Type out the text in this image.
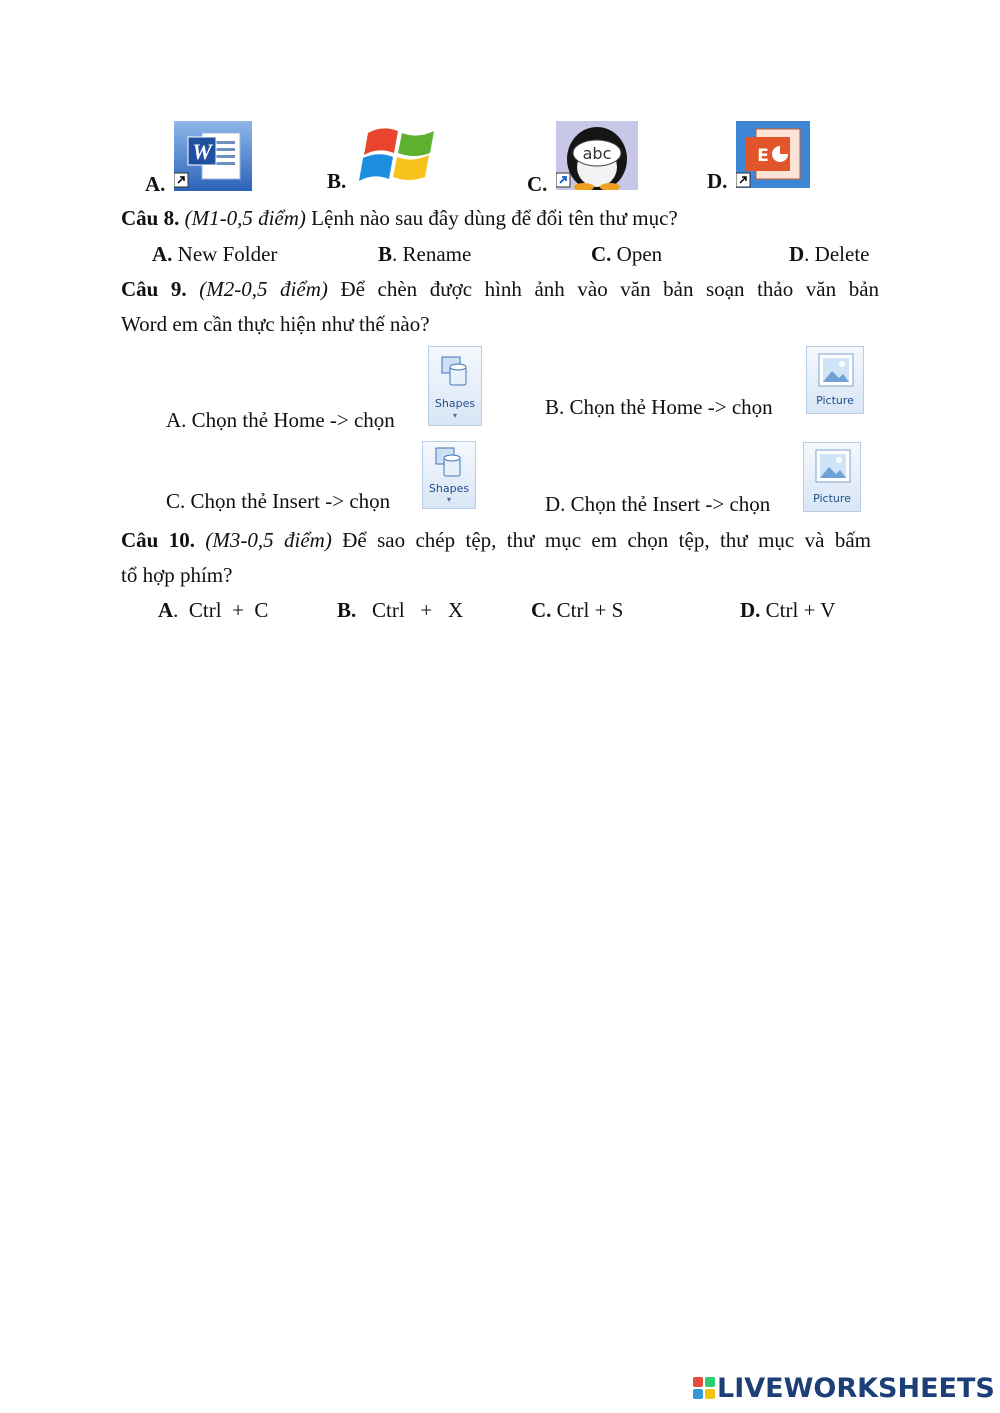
A.
W
B.	C.
abc
D.
E
Câu 8. (M1-0,5 điểm) Lệnh nào sau đây dùng để đổi tên thư mục?
A. New Folder	B. Rename	C. Open	D. Delete
Câu 9. (M2-0,5 điểm) Để chèn được hình ảnh vào văn bản soạn thảo văn bản
Word em cần thực hiện như thế nào?
A. Chọn thẻ Home -> chọn
Shapes
▾	B. Chọn thẻ Home -> chọn	Picture
C. Chọn thẻ Insert -> chọn
Shapes
▾	D. Chọn thẻ Insert -> chọn	Picture
Câu 10. (M3-0,5 điểm) Để sao chép tệp, thư mục em chọn tệp, thư mục và bấm
tổ hợp phím?
A.  Ctrl  +  C	B. Ctrl   +   X	C. Ctrl + S	D. Ctrl + V
LIVEWORKSHEETS
